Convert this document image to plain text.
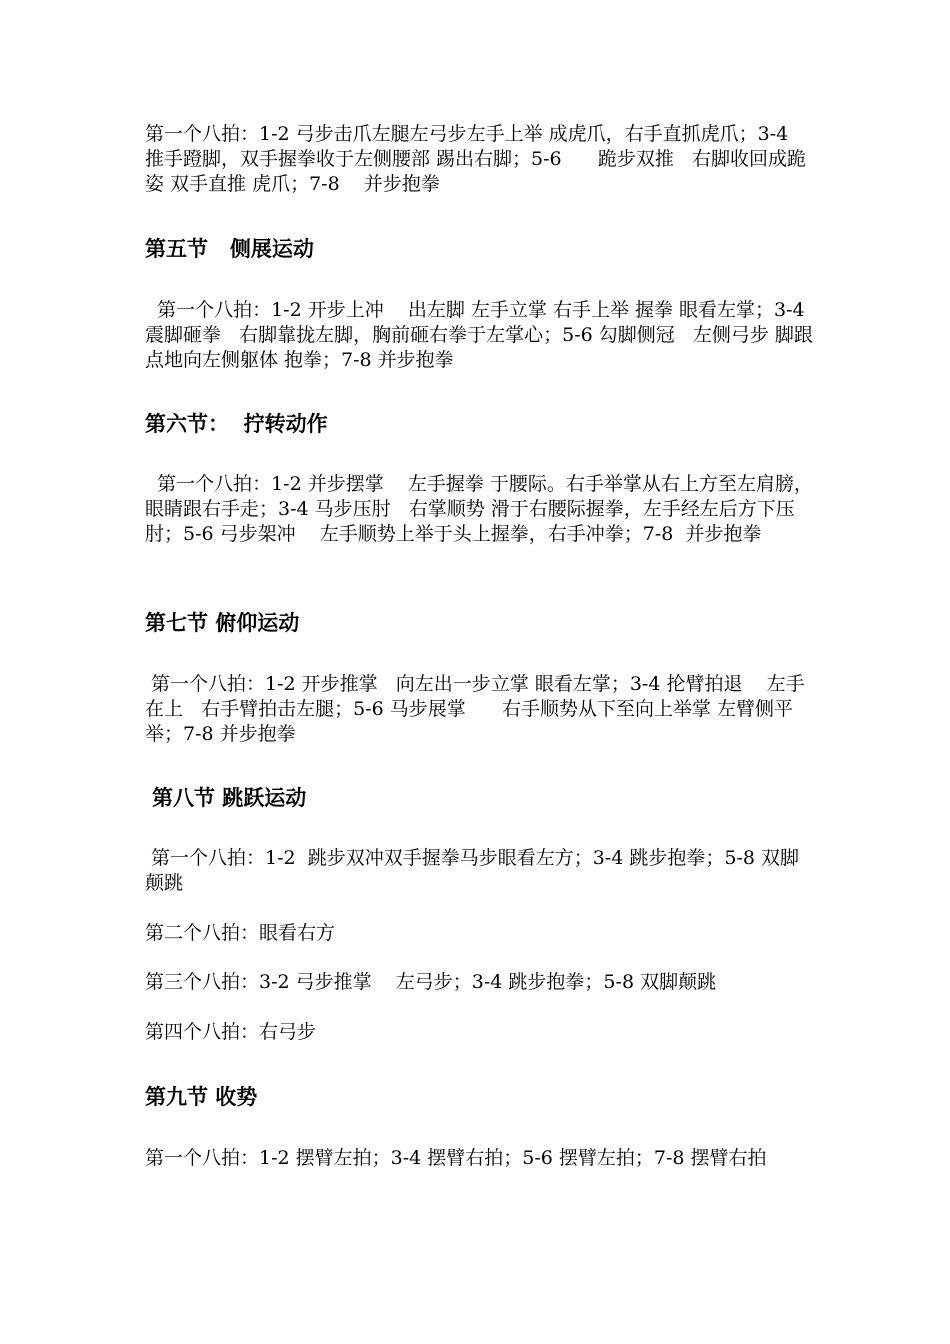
第一个八拍：1-2 弓步击爪左腿左弓步左手上举 成虎爪，右手直抓虎爪；3-4    推手蹬脚，双手握拳收于左侧腰部 踢出右脚；5-6      跪步双推   右脚收回成跪姿 双手直推 虎爪；7-8    并步抱拳

第五节   侧展运动

第一个八拍：1-2 开步上冲    出左脚 左手立掌 右手上举 握拳 眼看左掌；3-4 震脚砸拳   右脚靠拢左脚，胸前砸右拳于左掌心；5-6 勾脚侧冠   左侧弓步 脚跟点地向左侧躯体 抱拳；7-8 并步抱拳

第六节：  拧转动作

第一个八拍：1-2 并步摆掌    左手握拳 于腰际。右手举掌从右上方至左肩膀，眼睛跟右手走；3-4 马步压肘   右掌顺势 滑于右腰际握拳，左手经左后方下压肘；5-6 弓步架冲    左手顺势上举于头上握拳，右手冲拳；7-8  并步抱拳

第七节 俯仰运动

第一个八拍：1-2 开步推掌   向左出一步立掌 眼看左掌；3-4 抡臂拍退    左手在上   右手臂拍击左腿；5-6 马步展掌      右手顺势从下至向上举掌 左臂侧平举；7-8 并步抱拳

第八节 跳跃运动

第一个八拍：1-2  跳步双冲双手握拳马步眼看左方；3-4 跳步抱拳；5-8 双脚颠跳

第二个八拍：眼看右方

第三个八拍：3-2 弓步推掌    左弓步；3-4 跳步抱拳；5-8 双脚颠跳

第四个八拍：右弓步

第九节 收势

第一个八拍：1-2 摆臂左拍；3-4 摆臂右拍；5-6 摆臂左拍；7-8 摆臂右拍
